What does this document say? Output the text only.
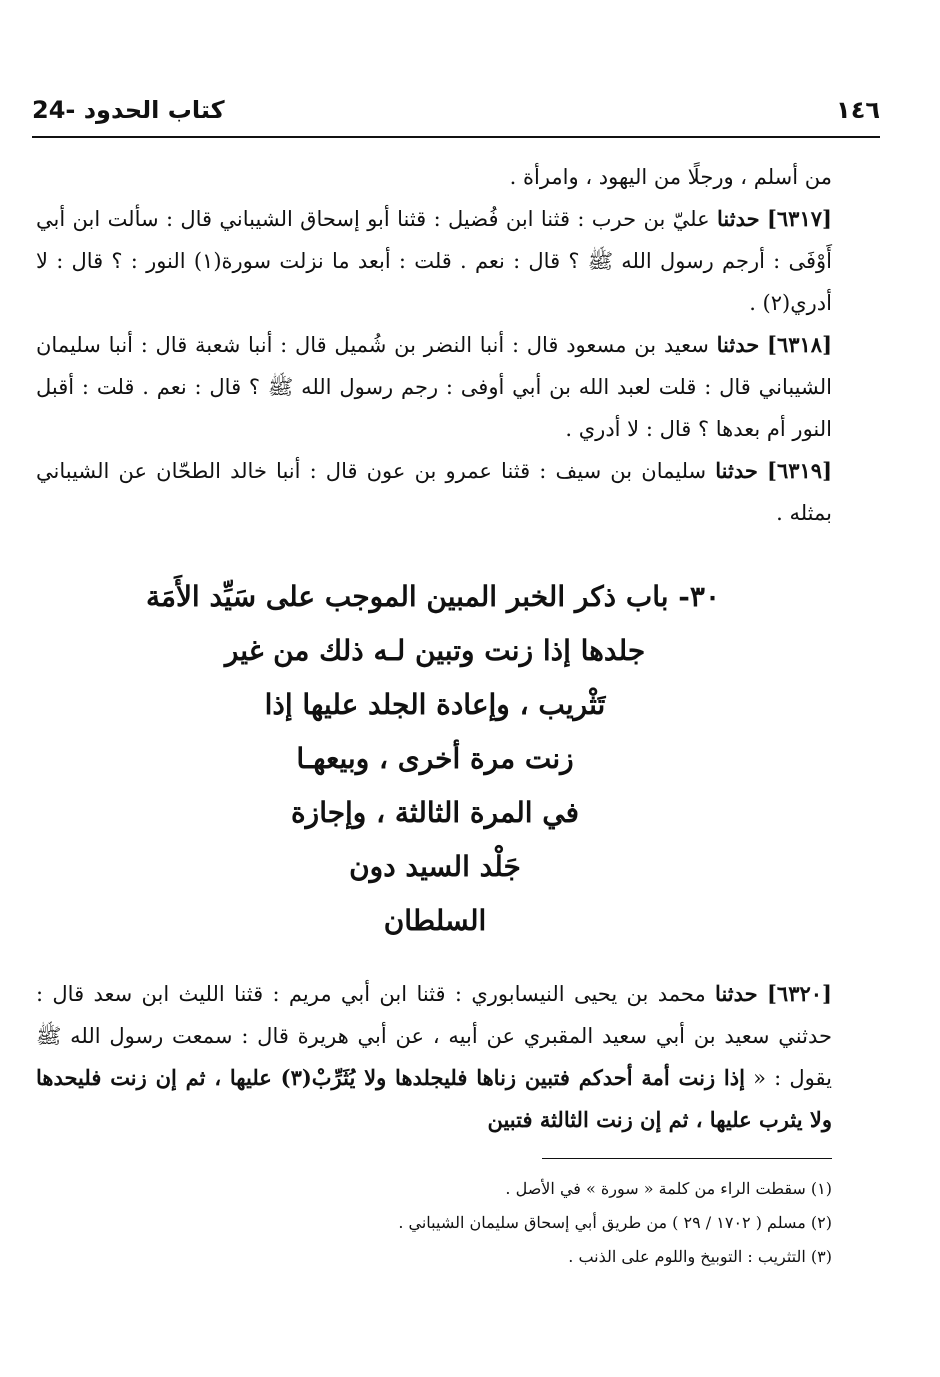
24- كتاب الحدود	١٤٦

من أسلم ، ورجلًا من اليهود ، وامرأة .

[٦٣١٧] حدثنا عليّ بن حرب : قثنا ابن فُضيل : قثنا أبو إسحاق الشيباني قال : سألت ابن أبي أَوْفَى : أرجم رسول الله ﷺ ؟ قال : نعم . قلت : أبعد ما نزلت سورة(١) النور : ؟ قال : لا أدري(٢) .

[٦٣١٨] حدثنا سعيد بن مسعود قال : أنبا النضر بن شُميل قال : أنبا شعبة قال : أنبا سليمان الشيباني قال : قلت لعبد الله بن أبي أوفى : رجم رسول الله ﷺ ؟ قال : نعم . قلت : أقبل النور أم بعدها ؟ قال : لا أدري .

[٦٣١٩] حدثنا سليمان بن سيف : قثنا عمرو بن عون قال : أنبا خالد الطحّان عن الشيباني بمثله .

٣٠- باب ذكر الخبر المبين الموجب على سَيِّد الأَمَة
جلدها إذا زنت وتبين لـه ذلك من غير
تَثْريب ، وإعادة الجلد عليها إذا
زنت مرة أخرى ، وبيعهـا
في المرة الثالثة ، وإجازة
جَلْد السيد دون
السلطان

[٦٣٢٠] حدثنا محمد بن يحيى النيسابوري : قثنا ابن أبي مريم : قثنا الليث ابن سعد قال : حدثني سعيد بن أبي سعيد المقبري عن أبيه ، عن أبي هريرة قال : سمعت رسول الله ﷺ يقول : « إذا زنت أمة أحدكم فتبين زناها فليجلدها ولا يُثَرِّبْ(٣) عليها ، ثم إن زنت فليحدها ولا يثرب عليها ، ثم إن زنت الثالثة فتبين

(١) سقطت الراء من كلمة « سورة » في الأصل .

(٢) مسلم ( ١٧٠٢ / ٢٩ ) من طريق أبي إسحاق سليمان الشيباني .

(٣) التثريب : التوبيخ واللوم على الذنب .
